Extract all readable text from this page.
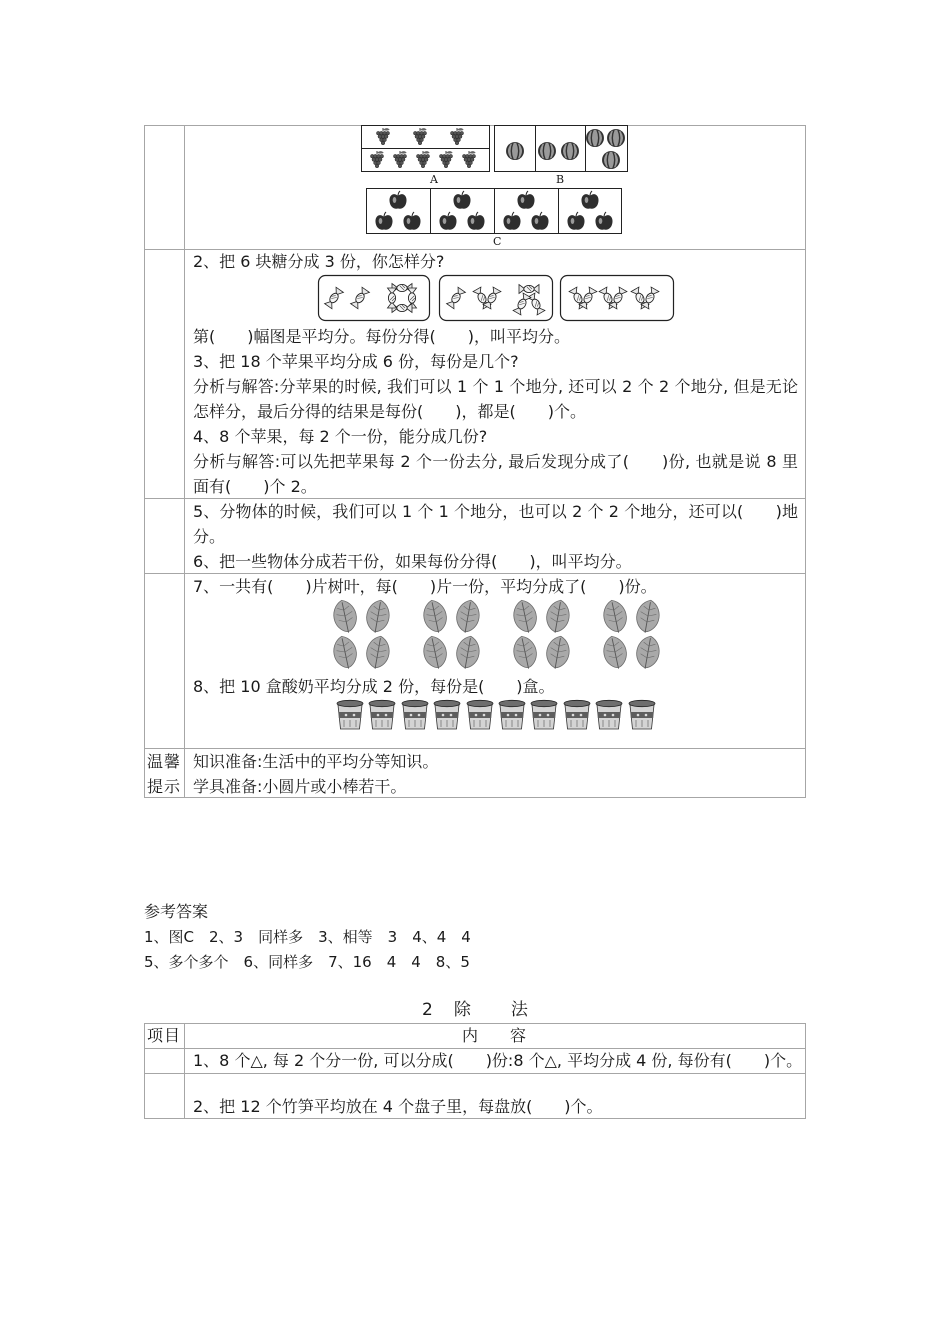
A	B
C
2、把 6 块糖分成 3 份，你怎样分?
第(　　)幅图是平均分。每份分得(　　)，叫平均分。
3、把 18 个苹果平均分成 6 份，每份是几个?
分析与解答:分苹果的时候, 我们可以 1 个 1 个地分, 还可以 2 个 2 个地分, 但是无论
怎样分，最后分得的结果是每份(　　)，都是(　　)个。
4、8 个苹果，每 2 个一份，能分成几份?
分析与解答:可以先把苹果每 2 个一份去分, 最后发现分成了(　　)份, 也就是说 8 里
面有(　　)个 2。
5、分物体的时候，我们可以 1 个 1 个地分，也可以 2 个 2 个地分，还可以(　　)地
分。
6、把一些物体分成若干份，如果每份分得(　　)，叫平均分。
7、一共有(　　)片树叶，每(　　)片一份，平均分成了(　　)份。
8、把 10 盒酸奶平均分成 2 份，每份是(　　)盒。
温馨
提示
知识准备:生活中的平均分等知识。
学具准备:小圆片或小棒若干。
参考答案
1、图C　2、3　同样多　3、相等　3　4、4　4
5、多个多个　6、同样多　7、16　4　4　8、5
2　除　　法
项目	内　　容
1、8 个△, 每 2 个分一份, 可以分成(　　)份:8 个△, 平均分成 4 份, 每份有(　　)个。
2、把 12 个竹笋平均放在 4 个盘子里，每盘放(　　)个。
